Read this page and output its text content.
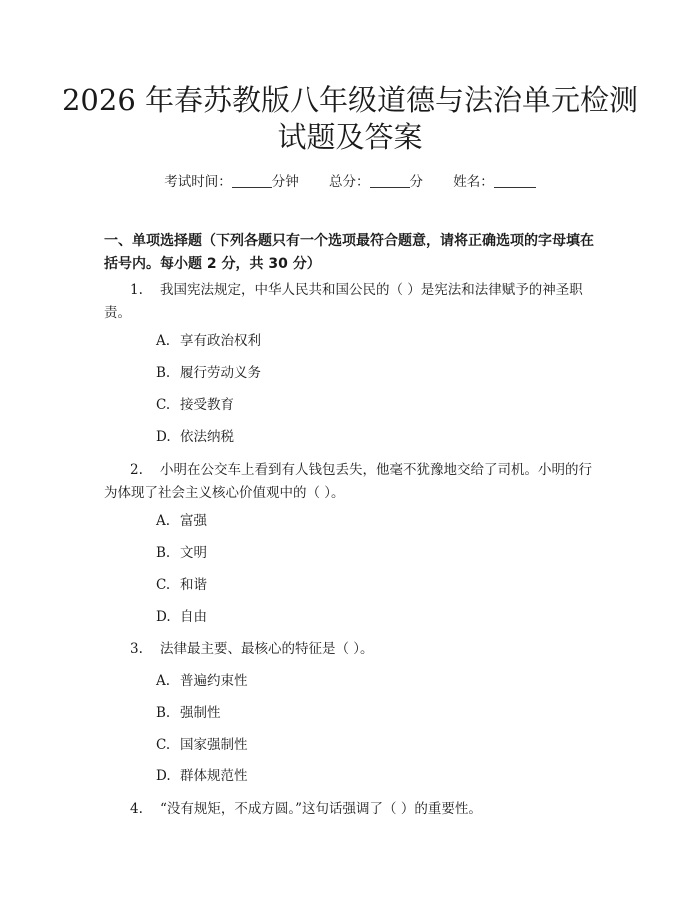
2026 年春苏教版八年级道德与法治单元检测
试题及答案
考试时间：	分钟 总分：	分 姓名：
一、单项选择题（下列各题只有一个选项最符合题意，请将正确选项的字母填在括号内。每小题 2 分，共 30 分）
1. 我国宪法规定，中华人民共和国公民的（ ）是宪法和法律赋予的神圣职责。
A. 享有政治权利
B. 履行劳动义务
C. 接受教育
D. 依法纳税
2. 小明在公交车上看到有人钱包丢失，他毫不犹豫地交给了司机。小明的行为体现了社会主义核心价值观中的（ ）。
A. 富强
B. 文明
C. 和谐
D. 自由
3. 法律最主要、最核心的特征是（ ）。
A. 普遍约束性
B. 强制性
C. 国家强制性
D. 群体规范性
4. “没有规矩，不成方圆。”这句话强调了（ ）的重要性。
